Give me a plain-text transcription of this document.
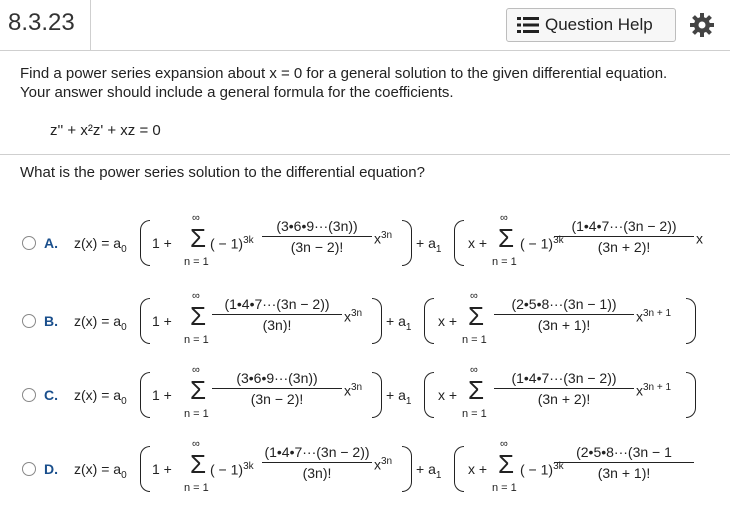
8.3.23	Question Help
Find a power series expansion about x = 0 for a general solution to the given differential equation. Your answer should include a general formula for the coefficients.
z'' + x²z' + xz = 0
What is the power series solution to the differential equation?
A. $z(x) = a_0$ 1 +
∞
Σ
n = 1
( − 1)$^{3k}$
(3•6•9···(3n))
(3n − 2)!
$x^{3n} + a_1$ x +
∞
Σ
n = 1
( − 1)$^{3k}$
(1•4•7···(3n − 2))
(3n + 2)!
x
B. $z(x) = a_0$ 1 +
∞
Σ
n = 1
(1•4•7···(3n − 2))
(3n)!
$x^{3n} + a_1$ x +
∞
Σ
n = 1
(2•5•8···(3n − 1))
(3n + 1)!
$x^{3n + 1}$
C. $z(x) = a_0$ 1 +
∞
Σ
n = 1
(3•6•9···(3n))
(3n − 2)!
$x^{3n} + a_1$ x +
∞
Σ
n = 1
(1•4•7···(3n − 2))
(3n + 2)!
$x^{3n + 1}$
D. $z(x) = a_0$ 1 +
∞
Σ
n = 1
( − 1)$^{3k}$
(1•4•7···(3n − 2))
(3n)!
$x^{3n} + a_1$ x +
∞
Σ
n = 1
( − 1)$^{3k}$
(2•5•8···(3n − 1
(3n + 1)!
